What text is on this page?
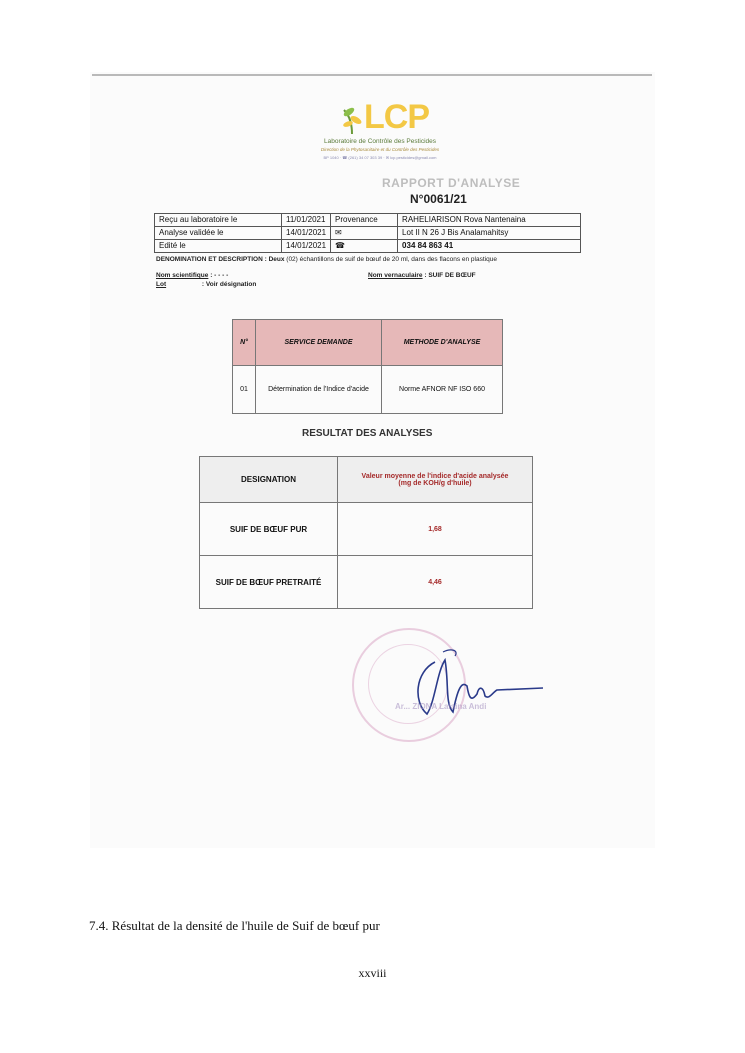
LCP
Laboratoire de Contrôle des Pesticides
Direction de la Phytosanitaire et du Contrôle des Pesticides
BP 1040 · ☎ (261) 34 07 303 39 · ✉ lcp.pesticides@gmail.com
RAPPORT D'ANALYSE
N°0061/21
Reçu au laboratoire le	11/01/2021	Provenance	RAHELIARISON Rova Nantenaina
Analyse validée le	14/01/2021	✉	Lot II N 26 J Bis Analamahitsy
Edité le	14/01/2021	☎	034 84 863 41
DENOMINATION ET DESCRIPTION : Deux (02) échantillons de suif de bœuf de 20 ml, dans des flacons en plastique
Nom scientifique : - - - -
Lot	: Voir désignation
Nom vernaculaire : SUIF DE BŒUF
N°	SERVICE DEMANDE	METHODE D'ANALYSE
01	Détermination de l'Indice d'acide	Norme AFNOR NF ISO 660
RESULTAT DES ANALYSES
DESIGNATION	Valeur moyenne de l'indice d'acide analysée
(mg de KOH/g d'huile)

SUIF DE BŒUF PUR	1,68
SUIF DE BŒUF PRETRAITÉ	4,46
Ar... ZIONA Lalaina Andi
7.4. Résultat de la densité de l'huile de Suif de bœuf pur
xxviii
